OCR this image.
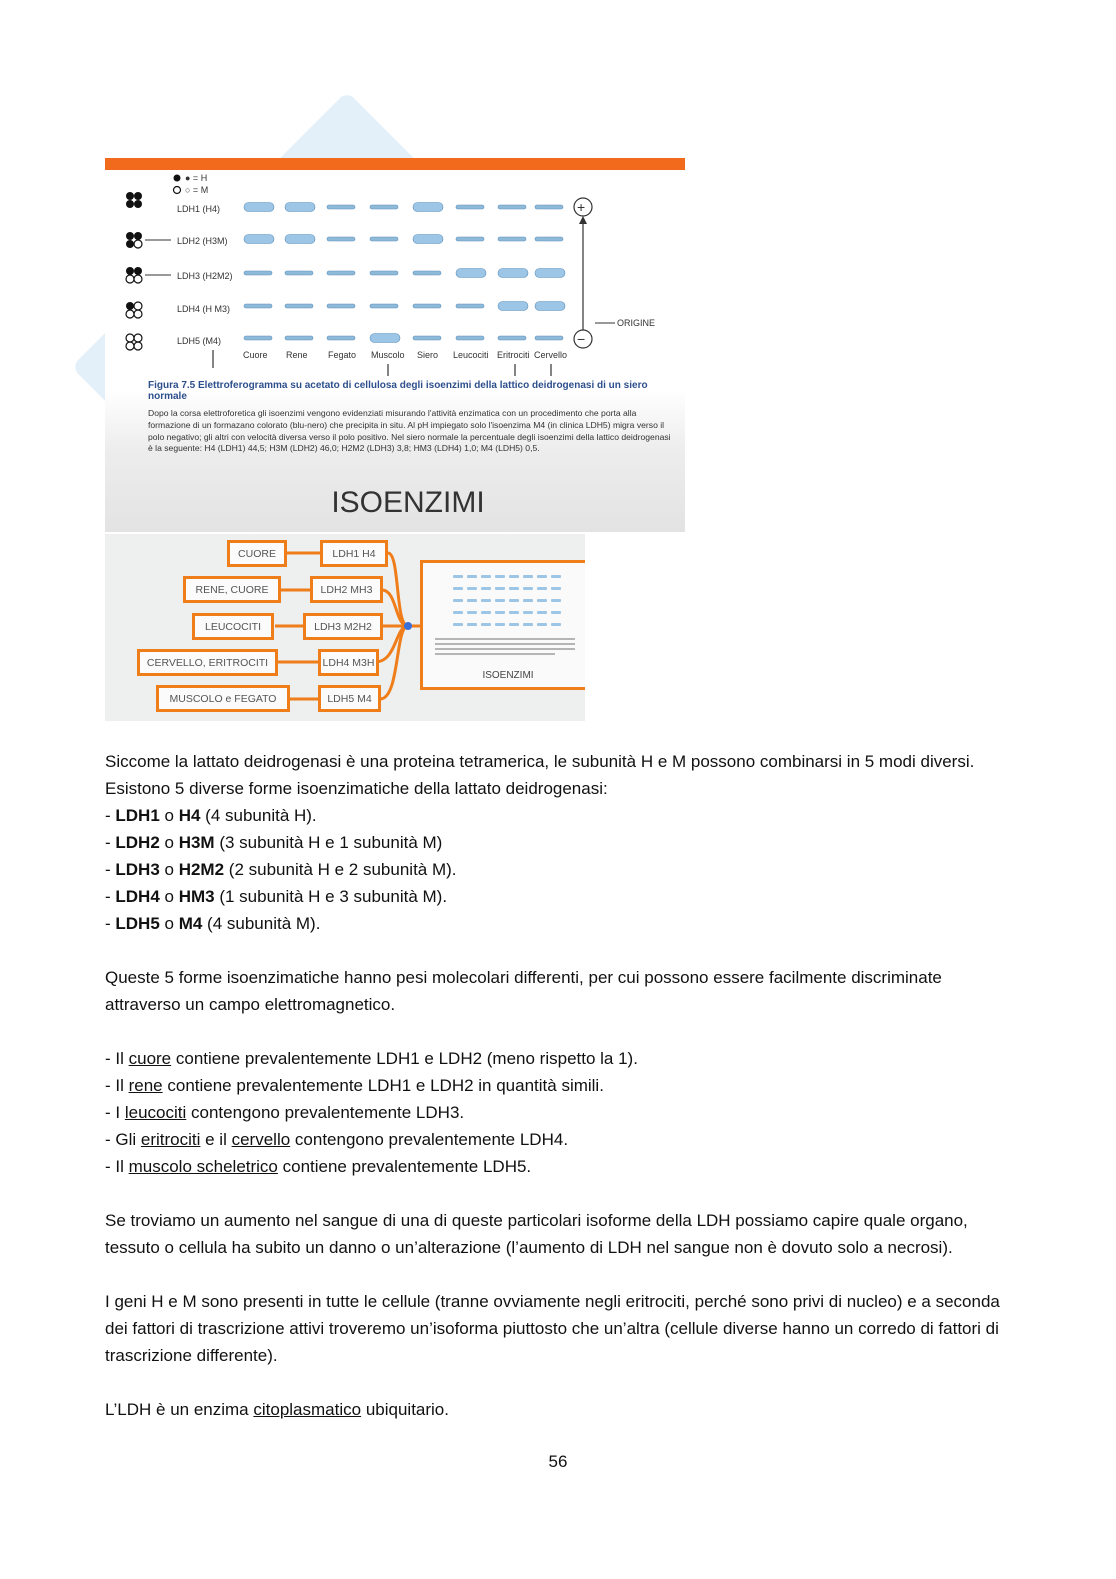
● = H
○ = M
LDH1 (H4)
LDH2 (H3M)
LDH3 (H2M2)
LDH4 (H M3)
LDH5 (M4)
Cuore Rene Fegato Muscolo Siero Leucociti Eritrociti Cervello
+
−
ORIGINE
Figura 7.5 Elettroferogramma su acetato di cellulosa degli isoenzimi della lattico deidrogenasi di un siero normale
Dopo la corsa elettroforetica gli isoenzimi vengono evidenziati misurando l'attività enzimatica con un procedimento che porta alla formazione di un formazano colorato (blu-nero) che precipita in situ. Al pH impiegato solo l'isoenzima M4 (in clinica LDH5) migra verso il polo negativo; gli altri con velocità diversa verso il polo positivo. Nel siero normale la percentuale degli isoenzimi della lattico deidrogenasi è la seguente: H4 (LDH1) 44,5; H3M (LDH2) 46,0; H2M2 (LDH3) 3,8; HM3 (LDH4) 1,0; M4 (LDH5) 0,5.
ISOENZIMI
CUORE
RENE, CUORE
LEUCOCITI
CERVELLO, ERITROCITI
MUSCOLO e FEGATO
LDH1 H4
LDH2 MH3
LDH3 M2H2
LDH4 M3H
LDH5 M4
ISOENZIMI

Siccome la lattato deidrogenasi è una proteina tetramerica, le subunità H e M possono combinarsi in 5 modi diversi. Esistono 5 diverse forme isoenzimatiche della lattato deidrogenasi:

- LDH1 o H4 (4 subunità H).

- LDH2 o H3M (3 subunità H e 1 subunità M)

- LDH3 o H2M2 (2 subunità H e 2 subunità M).

- LDH4 o HM3 (1 subunità H e 3 subunità M).

- LDH5 o M4 (4 subunità M).

Queste 5 forme isoenzimatiche hanno pesi molecolari differenti, per cui possono essere facilmente discriminate attraverso un campo elettromagnetico.

- Il cuore contiene prevalentemente LDH1 e LDH2 (meno rispetto la 1).

- Il rene contiene prevalentemente LDH1 e LDH2 in quantità simili.

- I leucociti contengono prevalentemente LDH3.

- Gli eritrociti e il cervello contengono prevalentemente LDH4.

- Il muscolo scheletrico contiene prevalentemente LDH5.

Se troviamo un aumento nel sangue di una di queste particolari isoforme della LDH possiamo capire quale organo, tessuto o cellula ha subito un danno o un’alterazione (l’aumento di LDH nel sangue non è dovuto solo a necrosi).

I geni H e M sono presenti in tutte le cellule (tranne ovviamente negli eritrociti, perché sono privi di nucleo) e a seconda dei fattori di trascrizione attivi troveremo un’isoforma piuttosto che un’altra (cellule diverse hanno un corredo di fattori di trascrizione differente).

L’LDH è un enzima citoplasmatico ubiquitario.

56
